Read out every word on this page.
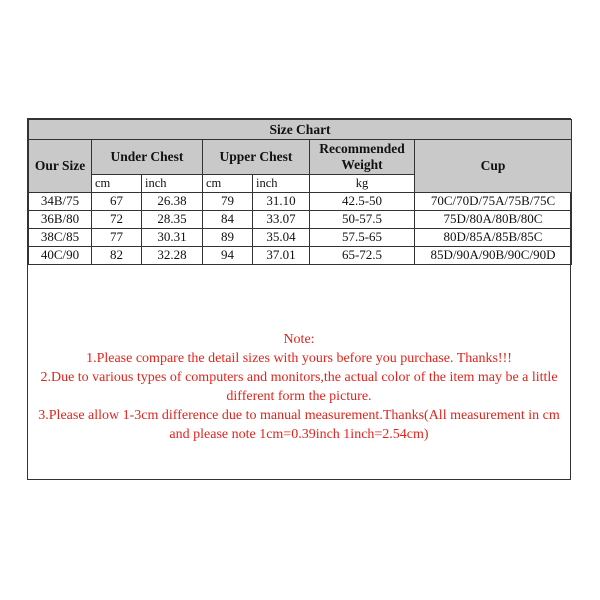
Size Chart						
Our Size	Under Chest		Upper Chest		Recommended Weight	Cup
	cm	inch	cm	inch	kg	
34B/75	67	26.38	79	31.10	42.5-50	70C/70D/75A/75B/75C
36B/80	72	28.35	84	33.07	50-57.5	75D/80A/80B/80C
38C/85	77	30.31	89	35.04	57.5-65	80D/85A/85B/85C
40C/90	82	32.28	94	37.01	65-72.5	85D/90A/90B/90C/90D
Note:
1.Please compare the detail sizes with yours before you purchase. Thanks!!!
2.Due to various types of computers and monitors,the actual color of the item may be a little different form the picture.
3.Please allow 1-3cm difference due to manual measurement.Thanks(All measurement in cm and please note 1cm=0.39inch 1inch=2.54cm)
